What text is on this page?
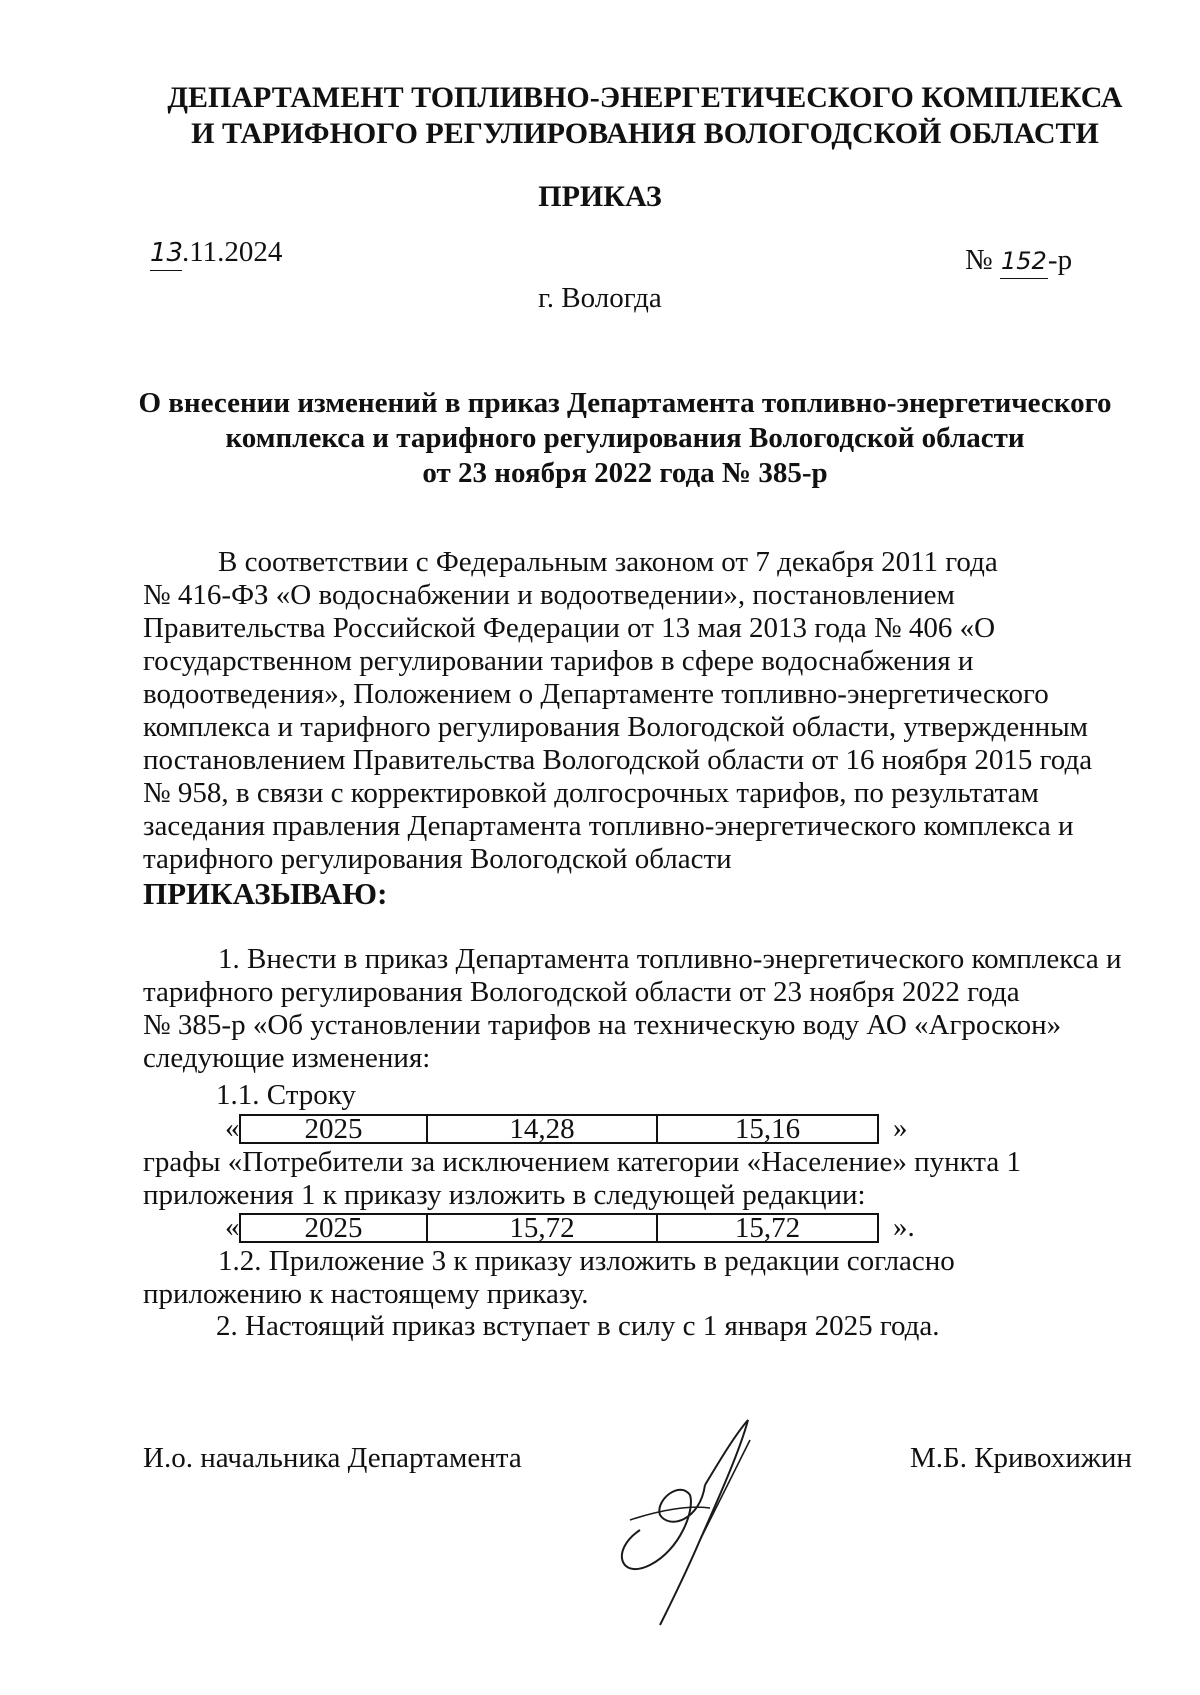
ДЕПАРТАМЕНТ ТОПЛИВНО-ЭНЕРГЕТИЧЕСКОГО КОМПЛЕКСА
И ТАРИФНОГО РЕГУЛИРОВАНИЯ ВОЛОГОДСКОЙ ОБЛАСТИ
ПРИКАЗ
13.11.2024	№ 152-р
г. Вологда
О внесении изменений в приказ Департамента топливно-энергетического
комплекса и тарифного регулирования Вологодской области
от 23 ноября 2022 года № 385-р
В соответствии с Федеральным законом от 7 декабря 2011 года
№ 416-ФЗ «О водоснабжении и водоотведении», постановлением
Правительства Российской Федерации от 13 мая 2013 года № 406 «О
государственном регулировании тарифов в сфере водоснабжения и
водоотведения», Положением о Департаменте топливно-энергетического
комплекса и тарифного регулирования Вологодской области, утвержденным
постановлением Правительства Вологодской области от 16 ноября 2015 года
№ 958, в связи с корректировкой долгосрочных тарифов, по результатам
заседания правления Департамента топливно-энергетического комплекса и
тарифного регулирования Вологодской области
ПРИКАЗЫВАЮ:
1. Внести в приказ Департамента топливно-энергетического комплекса и
тарифного регулирования Вологодской области от 23 ноября 2022 года
№ 385-р «Об установлении тарифов на техническую воду АО «Агроскон»
следующие изменения:
1.1. Строку
«	2025	14,28	15,16	»
графы «Потребители за исключением категории «Население» пункта 1
приложения 1 к приказу изложить в следующей редакции:
«	2025	15,72	15,72	».
1.2. Приложение 3 к приказу изложить в редакции согласно
приложению к настоящему приказу.
2. Настоящий приказ вступает в силу с 1 января 2025 года.
И.о. начальника Департамента	М.Б. Кривохижин
